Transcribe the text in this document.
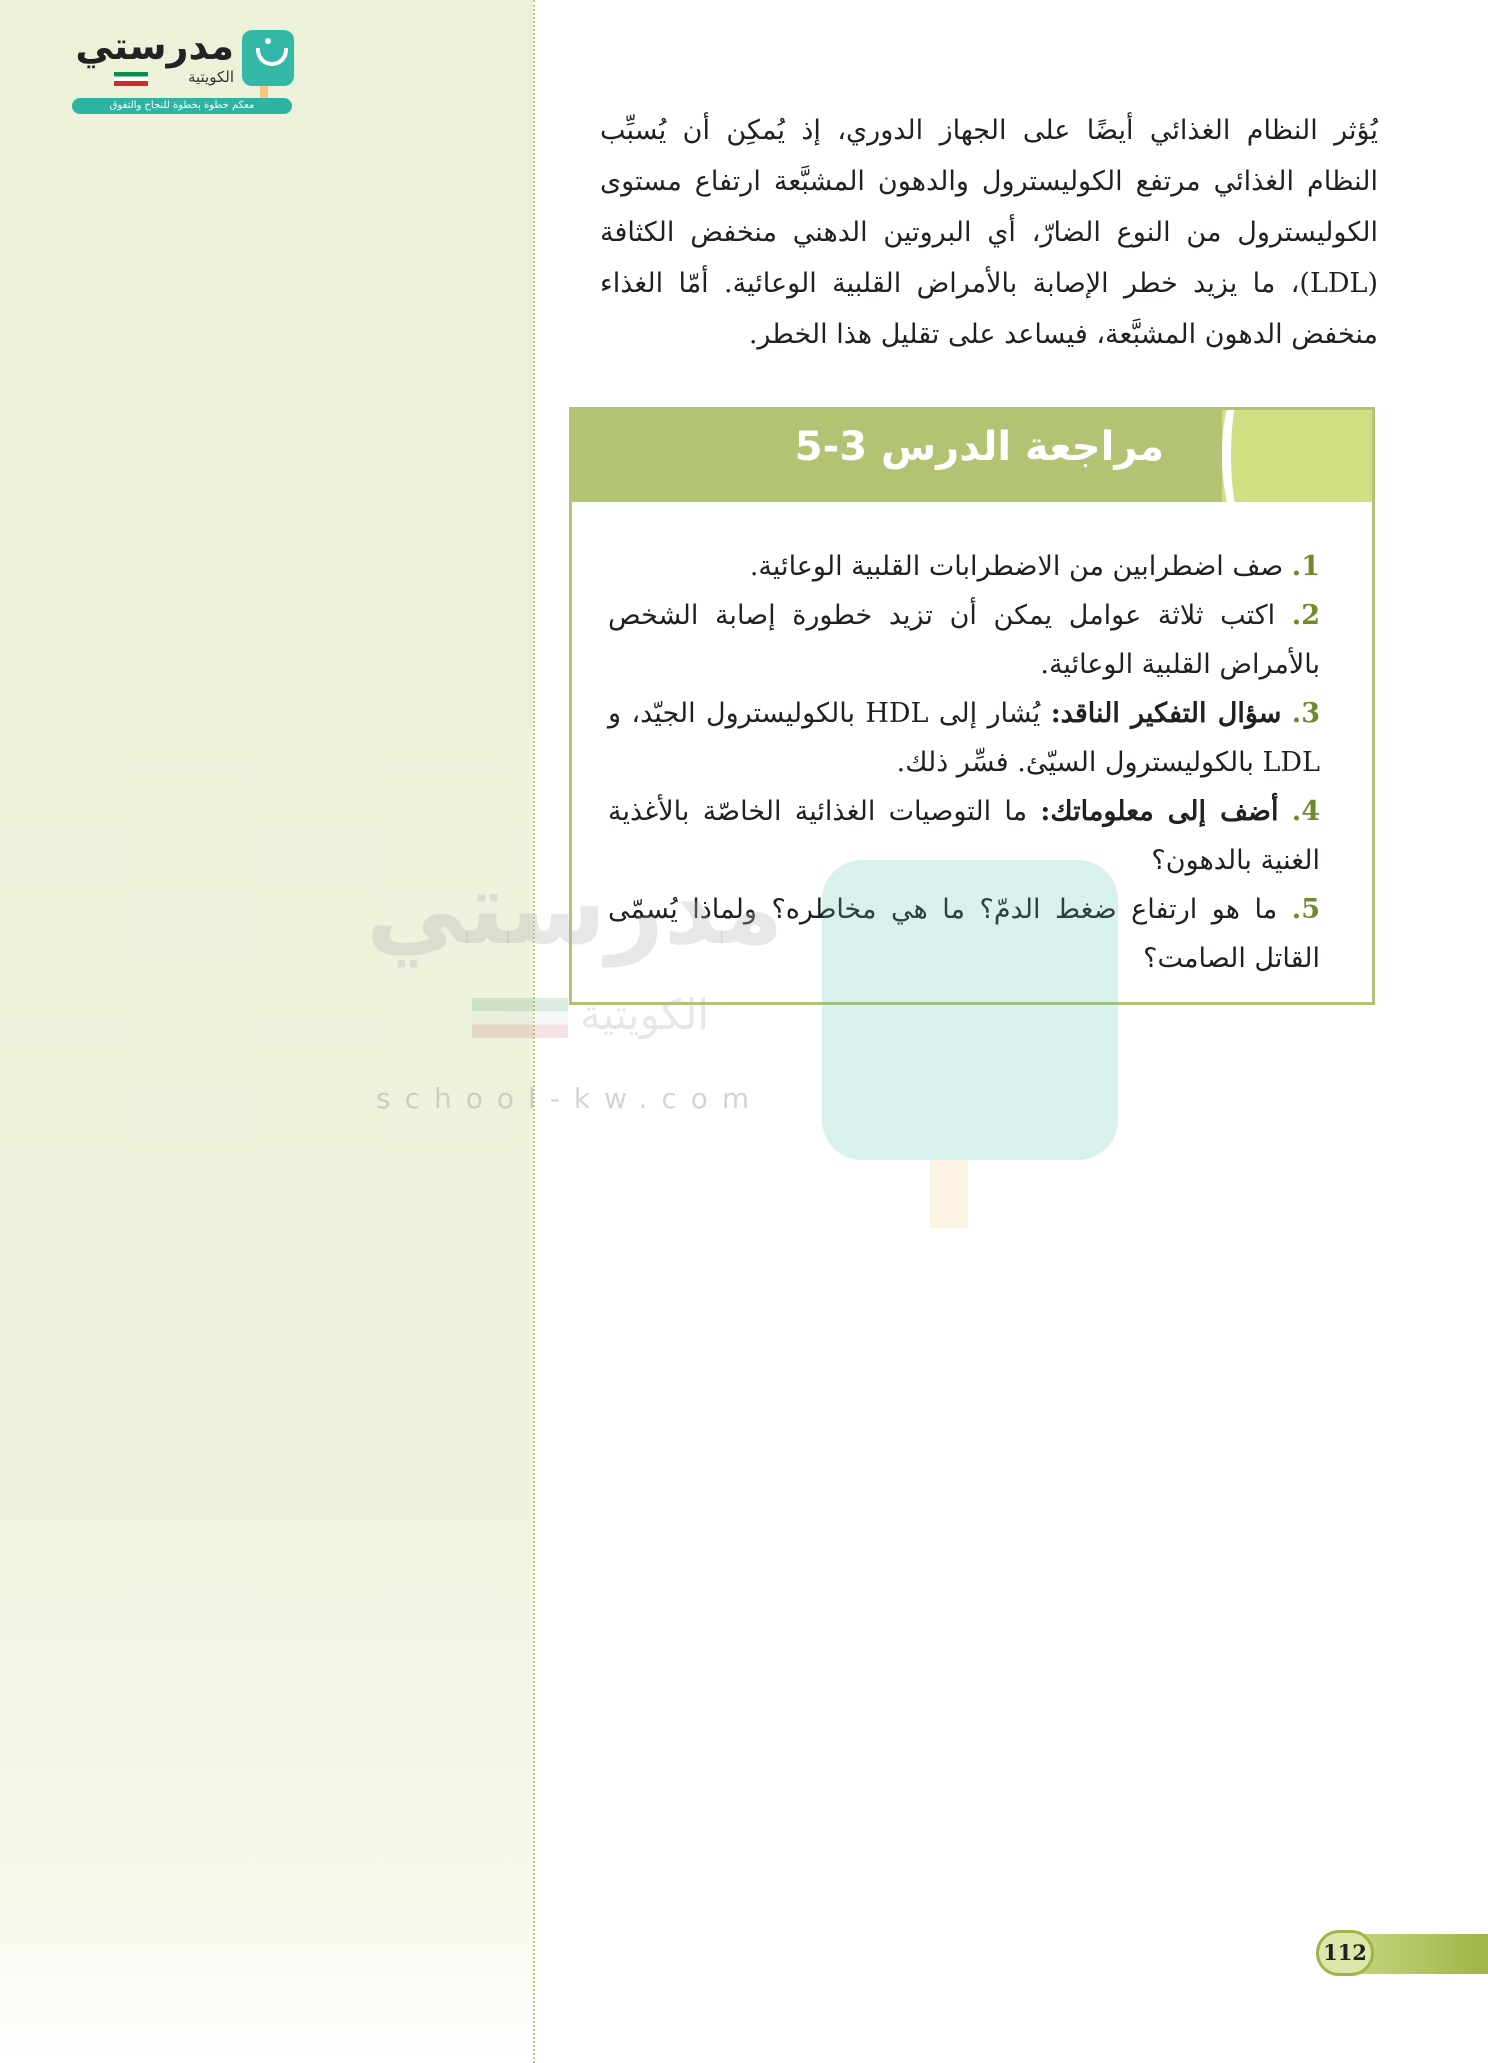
مدرستي
الكويتية
معكم خطوة بخطوة للنجاح والتفوق

يُؤثر النظام الغذائي أيضًا على الجهاز الدوري، إذ يُمكِن أن يُسبِّب النظام الغذائي مرتفع الكوليسترول والدهون المشبَّعة ارتفاع مستوى الكوليسترول من النوع الضارّ، أي البروتين الدهني منخفض الكثافة (LDL)، ما يزيد خطر الإصابة بالأمراض القلبية الوعائية. أمّا الغذاء منخفض الدهون المشبَّعة، فيساعد على تقليل هذا الخطر.

مراجعة الدرس 3-5
1. صف اضطرابين من الاضطرابات القلبية الوعائية.
2. اكتب ثلاثة عوامل يمكن أن تزيد خطورة إصابة الشخص بالأمراض القلبية الوعائية.
3. سؤال التفكير الناقد: يُشار إلى HDL بالكوليسترول الجيّد، و LDL بالكوليسترول السيّئ. فسِّر ذلك.
4. أضف إلى معلوماتك: ما التوصيات الغذائية الخاصّة بالأغذية الغنية بالدهون؟
5. ما هو ارتفاع ضغط الدمّ؟ ما هي مخاطره؟ ولماذا يُسمّى القاتل الصامت؟
مدرستي
الكويتية
school-kw.com
112
